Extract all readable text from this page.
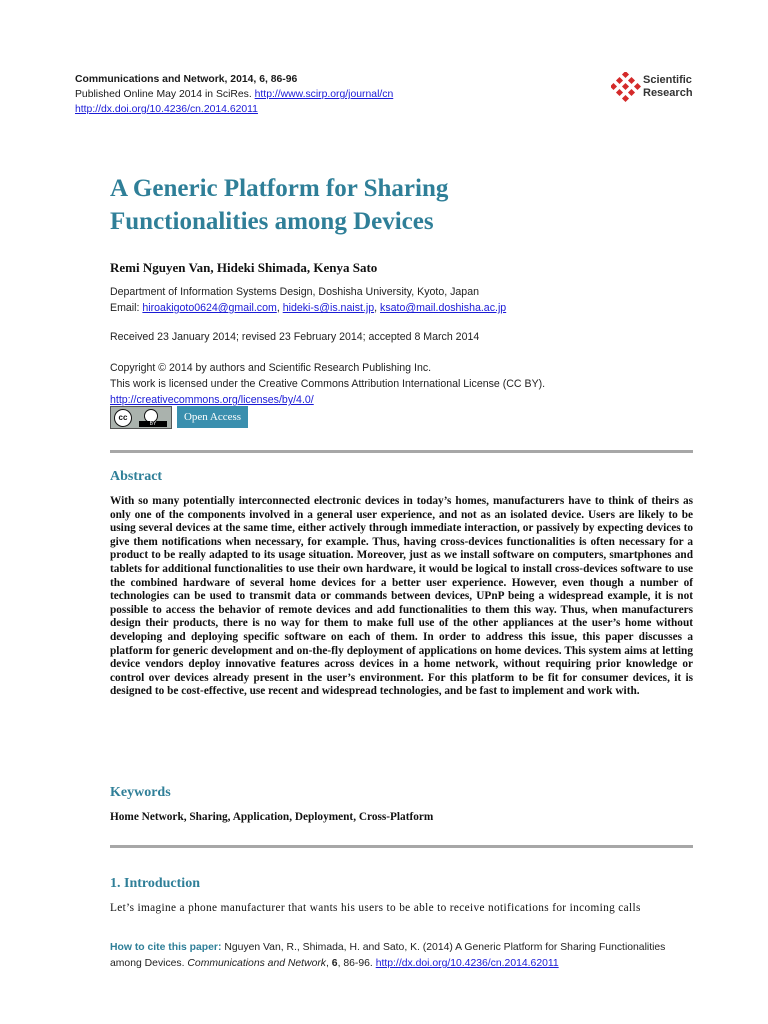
Communications and Network, 2014, 6, 86-96
Published Online May 2014 in SciRes. http://www.scirp.org/journal/cn
http://dx.doi.org/10.4236/cn.2014.62011
Scientific
Research
A Generic Platform for Sharing
Functionalities among Devices
Remi Nguyen Van, Hideki Shimada, Kenya Sato
Department of Information Systems Design, Doshisha University, Kyoto, Japan
Email: hiroakigoto0624@gmail.com, hideki-s@is.naist.jp, ksato@mail.doshisha.ac.jp
Received 23 January 2014; revised 23 February 2014; accepted 8 March 2014
Copyright © 2014 by authors and Scientific Research Publishing Inc.
This work is licensed under the Creative Commons Attribution International License (CC BY).
http://creativecommons.org/licenses/by/4.0/
cc
BY
Open Access
Abstract
With so many potentially interconnected electronic devices in today’s homes, manufacturers have to think of theirs as only one of the components involved in a general user experience, and not as an isolated device. Users are likely to be using several devices at the same time, either actively through immediate interaction, or passively by expecting devices to give them notifications when necessary, for example. Thus, having cross-devices functionalities is often necessary for a product to be really adapted to its usage situation. Moreover, just as we install software on computers, smartphones and tablets for additional functionalities to use their own hardware, it would be logical to install cross-devices software to use the combined hardware of several home devices for a better user experience. However, even though a number of technologies can be used to transmit data or commands between devices, UPnP being a widespread example, it is not possible to access the behavior of remote devices and add functionalities to them this way. Thus, when manufacturers design their products, there is no way for them to make full use of the other appliances at the user’s home without developing and deploying specific software on each of them. In order to address this issue, this paper discusses a platform for generic development and on-the-fly deployment of applications on home devices. This system aims at letting device vendors deploy innovative features across devices in a home network, without requiring prior knowledge or control over devices already present in the user’s environment. For this platform to be fit for consumer devices, it is designed to be cost-effective, use recent and widespread technologies, and be fast to implement and work with.
Keywords
Home Network, Sharing, Application, Deployment, Cross-Platform
1. Introduction
Let’s imagine a phone manufacturer that wants his users to be able to receive notifications for incoming calls
How to cite this paper: Nguyen Van, R., Shimada, H. and Sato, K. (2014) A Generic Platform for Sharing Functionalities among Devices. Communications and Network, 6, 86-96. http://dx.doi.org/10.4236/cn.2014.62011
